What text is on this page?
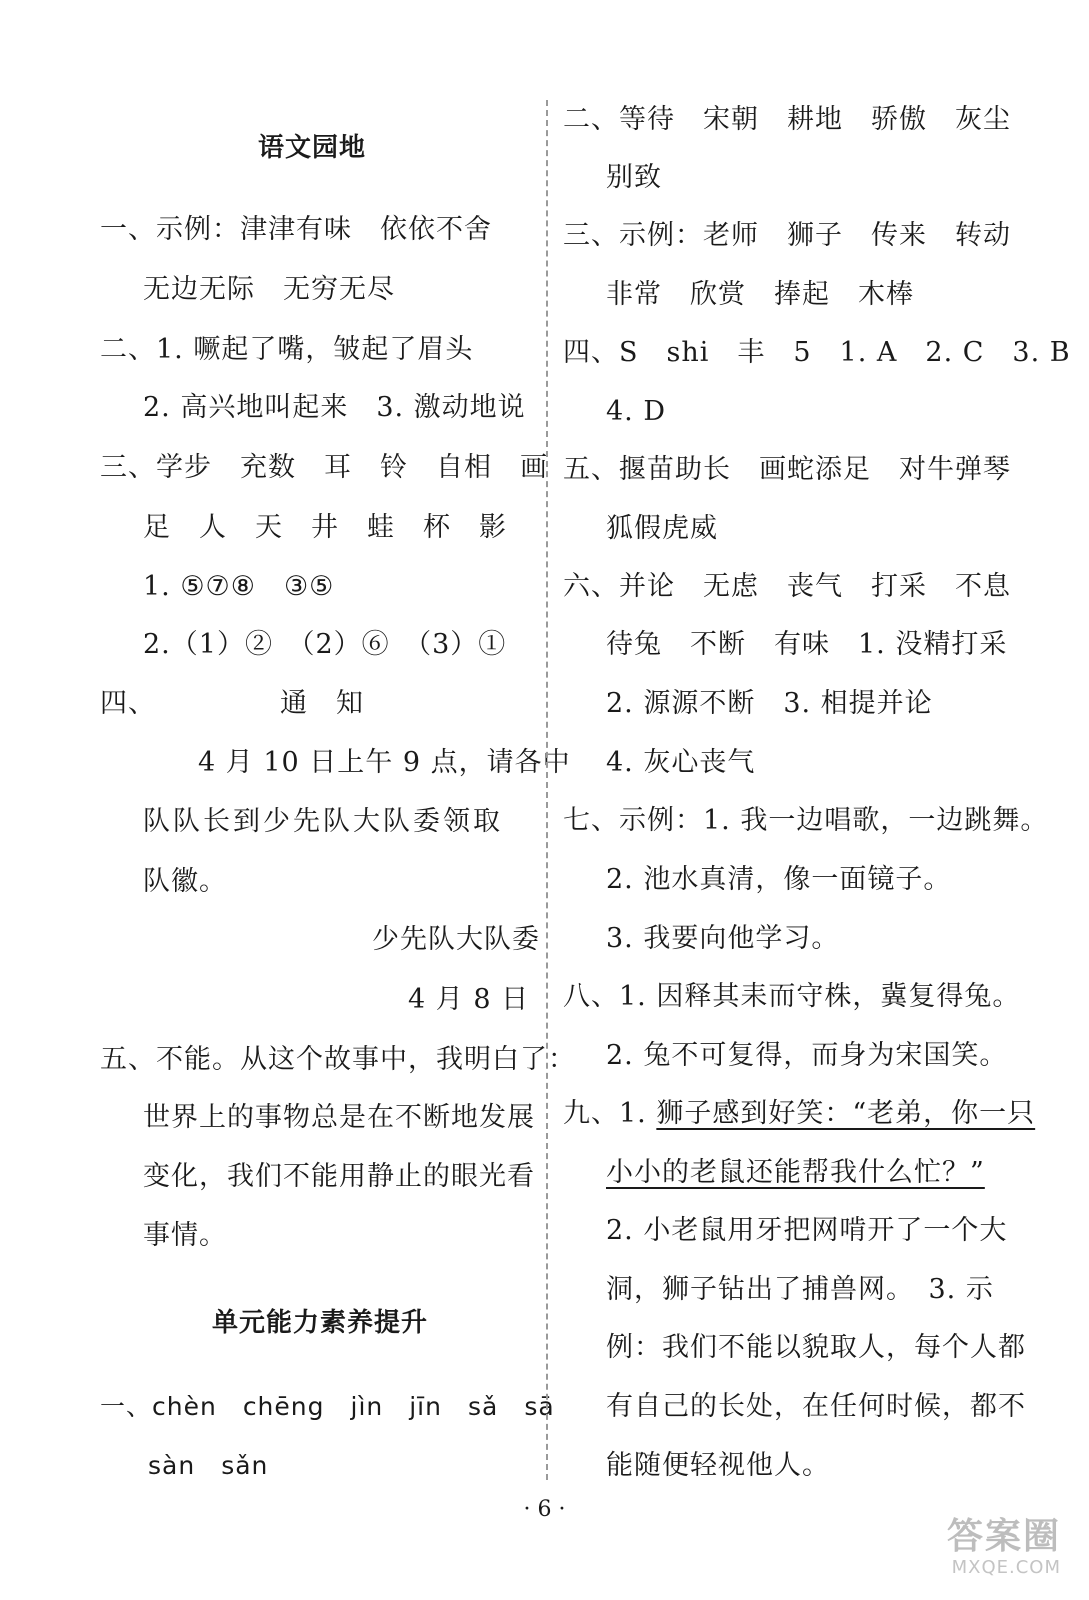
语文园地
一、示例：津津有味　依依不舍
无边无际　无穷无尽
二、1. 噘起了嘴，皱起了眉头
2. 高兴地叫起来　3. 激动地说
三、学步　充数　耳　铃　自相　画
足　人　天　井　蛙　杯　影
1. ⑤⑦⑧　③⑤
2.（1）②　（2）⑥　（3）①
四、	通　知
4 月 10 日上午 9 点，请各中
队队长到少先队大队委领取
队徽。
少先队大队委
4 月 8 日
五、不能。从这个故事中，我明白了：
世界上的事物总是在不断地发展
变化，我们不能用静止的眼光看
事情。
单元能力素养提升
一、chèn　chēng　jìn　jīn　sǎ　sā
sàn　sǎn
二、等待　宋朝　耕地　骄傲　灰尘
别致
三、示例：老师　狮子　传来　转动
非常　欣赏　捧起　木棒
四、S　shi　丰　5　1. A　2. C　3. B
4. D
五、揠苗助长　画蛇添足　对牛弹琴
狐假虎威
六、并论　无虑　丧气　打采　不息
待兔　不断　有味　1. 没精打采
2. 源源不断　3. 相提并论
4. 灰心丧气
七、示例：1. 我一边唱歌，一边跳舞。
2. 池水真清，像一面镜子。
3. 我要向他学习。
八、1. 因释其耒而守株，冀复得兔。
2. 兔不可复得，而身为宋国笑。
九、1. 狮子感到好笑：“老弟，你一只
小小的老鼠还能帮我什么忙？”
2. 小老鼠用牙把网啃开了一个大
洞，狮子钻出了捕兽网。　3. 示
例：我们不能以貌取人，每个人都
有自己的长处，在任何时候，都不
能随便轻视他人。
· 6 ·
答案圈
MXQE.COM
